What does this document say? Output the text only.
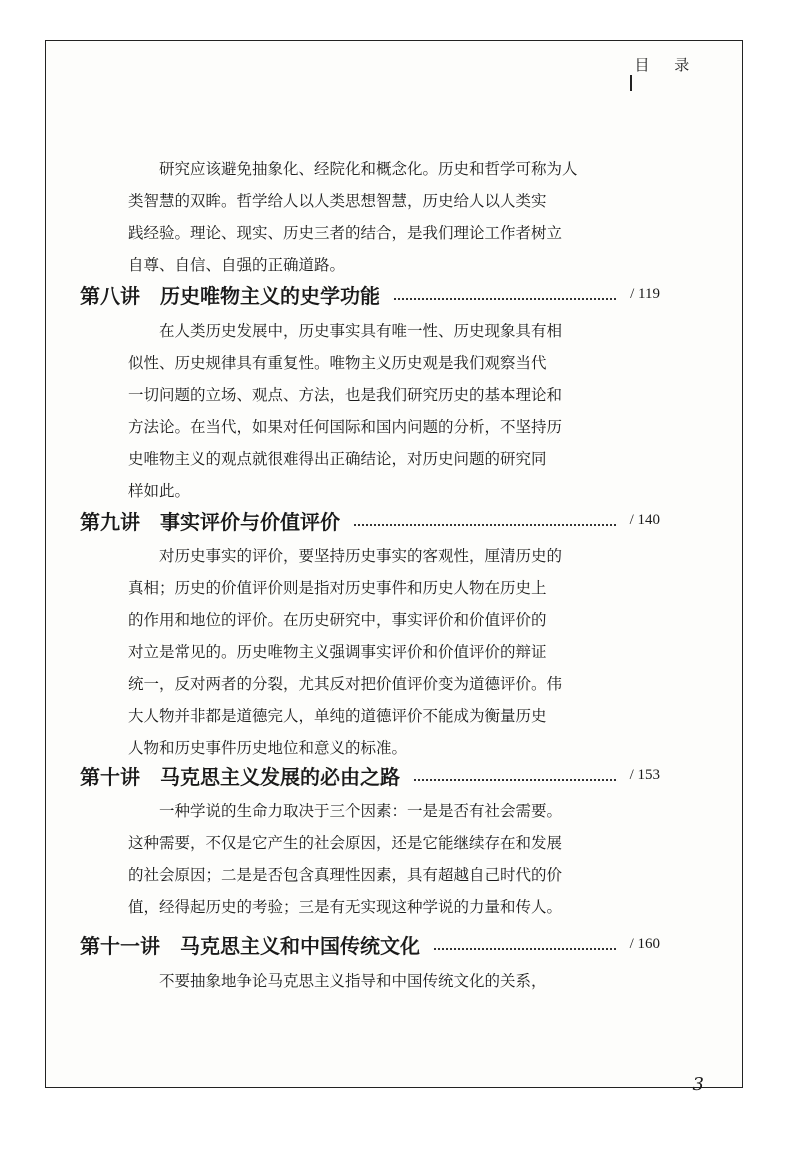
目 录

研究应该避免抽象化、经院化和概念化。历史和哲学可称为人
类智慧的双眸。哲学给人以人类思想智慧，历史给人以人类实
践经验。理论、现实、历史三者的结合，是我们理论工作者树立
自尊、自信、自强的正确道路。

第八讲 历史唯物主义的史学功能	/ 119

在人类历史发展中，历史事实具有唯一性、历史现象具有相
似性、历史规律具有重复性。唯物主义历史观是我们观察当代
一切问题的立场、观点、方法，也是我们研究历史的基本理论和
方法论。在当代，如果对任何国际和国内问题的分析，不坚持历
史唯物主义的观点就很难得出正确结论，对历史问题的研究同
样如此。

第九讲 事实评价与价值评价	/ 140

对历史事实的评价，要坚持历史事实的客观性，厘清历史的
真相；历史的价值评价则是指对历史事件和历史人物在历史上
的作用和地位的评价。在历史研究中，事实评价和价值评价的
对立是常见的。历史唯物主义强调事实评价和价值评价的辩证
统一，反对两者的分裂，尤其反对把价值评价变为道德评价。伟
大人物并非都是道德完人，单纯的道德评价不能成为衡量历史
人物和历史事件历史地位和意义的标准。

第十讲 马克思主义发展的必由之路	/ 153

一种学说的生命力取决于三个因素：一是是否有社会需要。
这种需要，不仅是它产生的社会原因，还是它能继续存在和发展
的社会原因；二是是否包含真理性因素，具有超越自己时代的价
值，经得起历史的考验；三是有无实现这种学说的力量和传人。

第十一讲 马克思主义和中国传统文化	/ 160

不要抽象地争论马克思主义指导和中国传统文化的关系，

3
